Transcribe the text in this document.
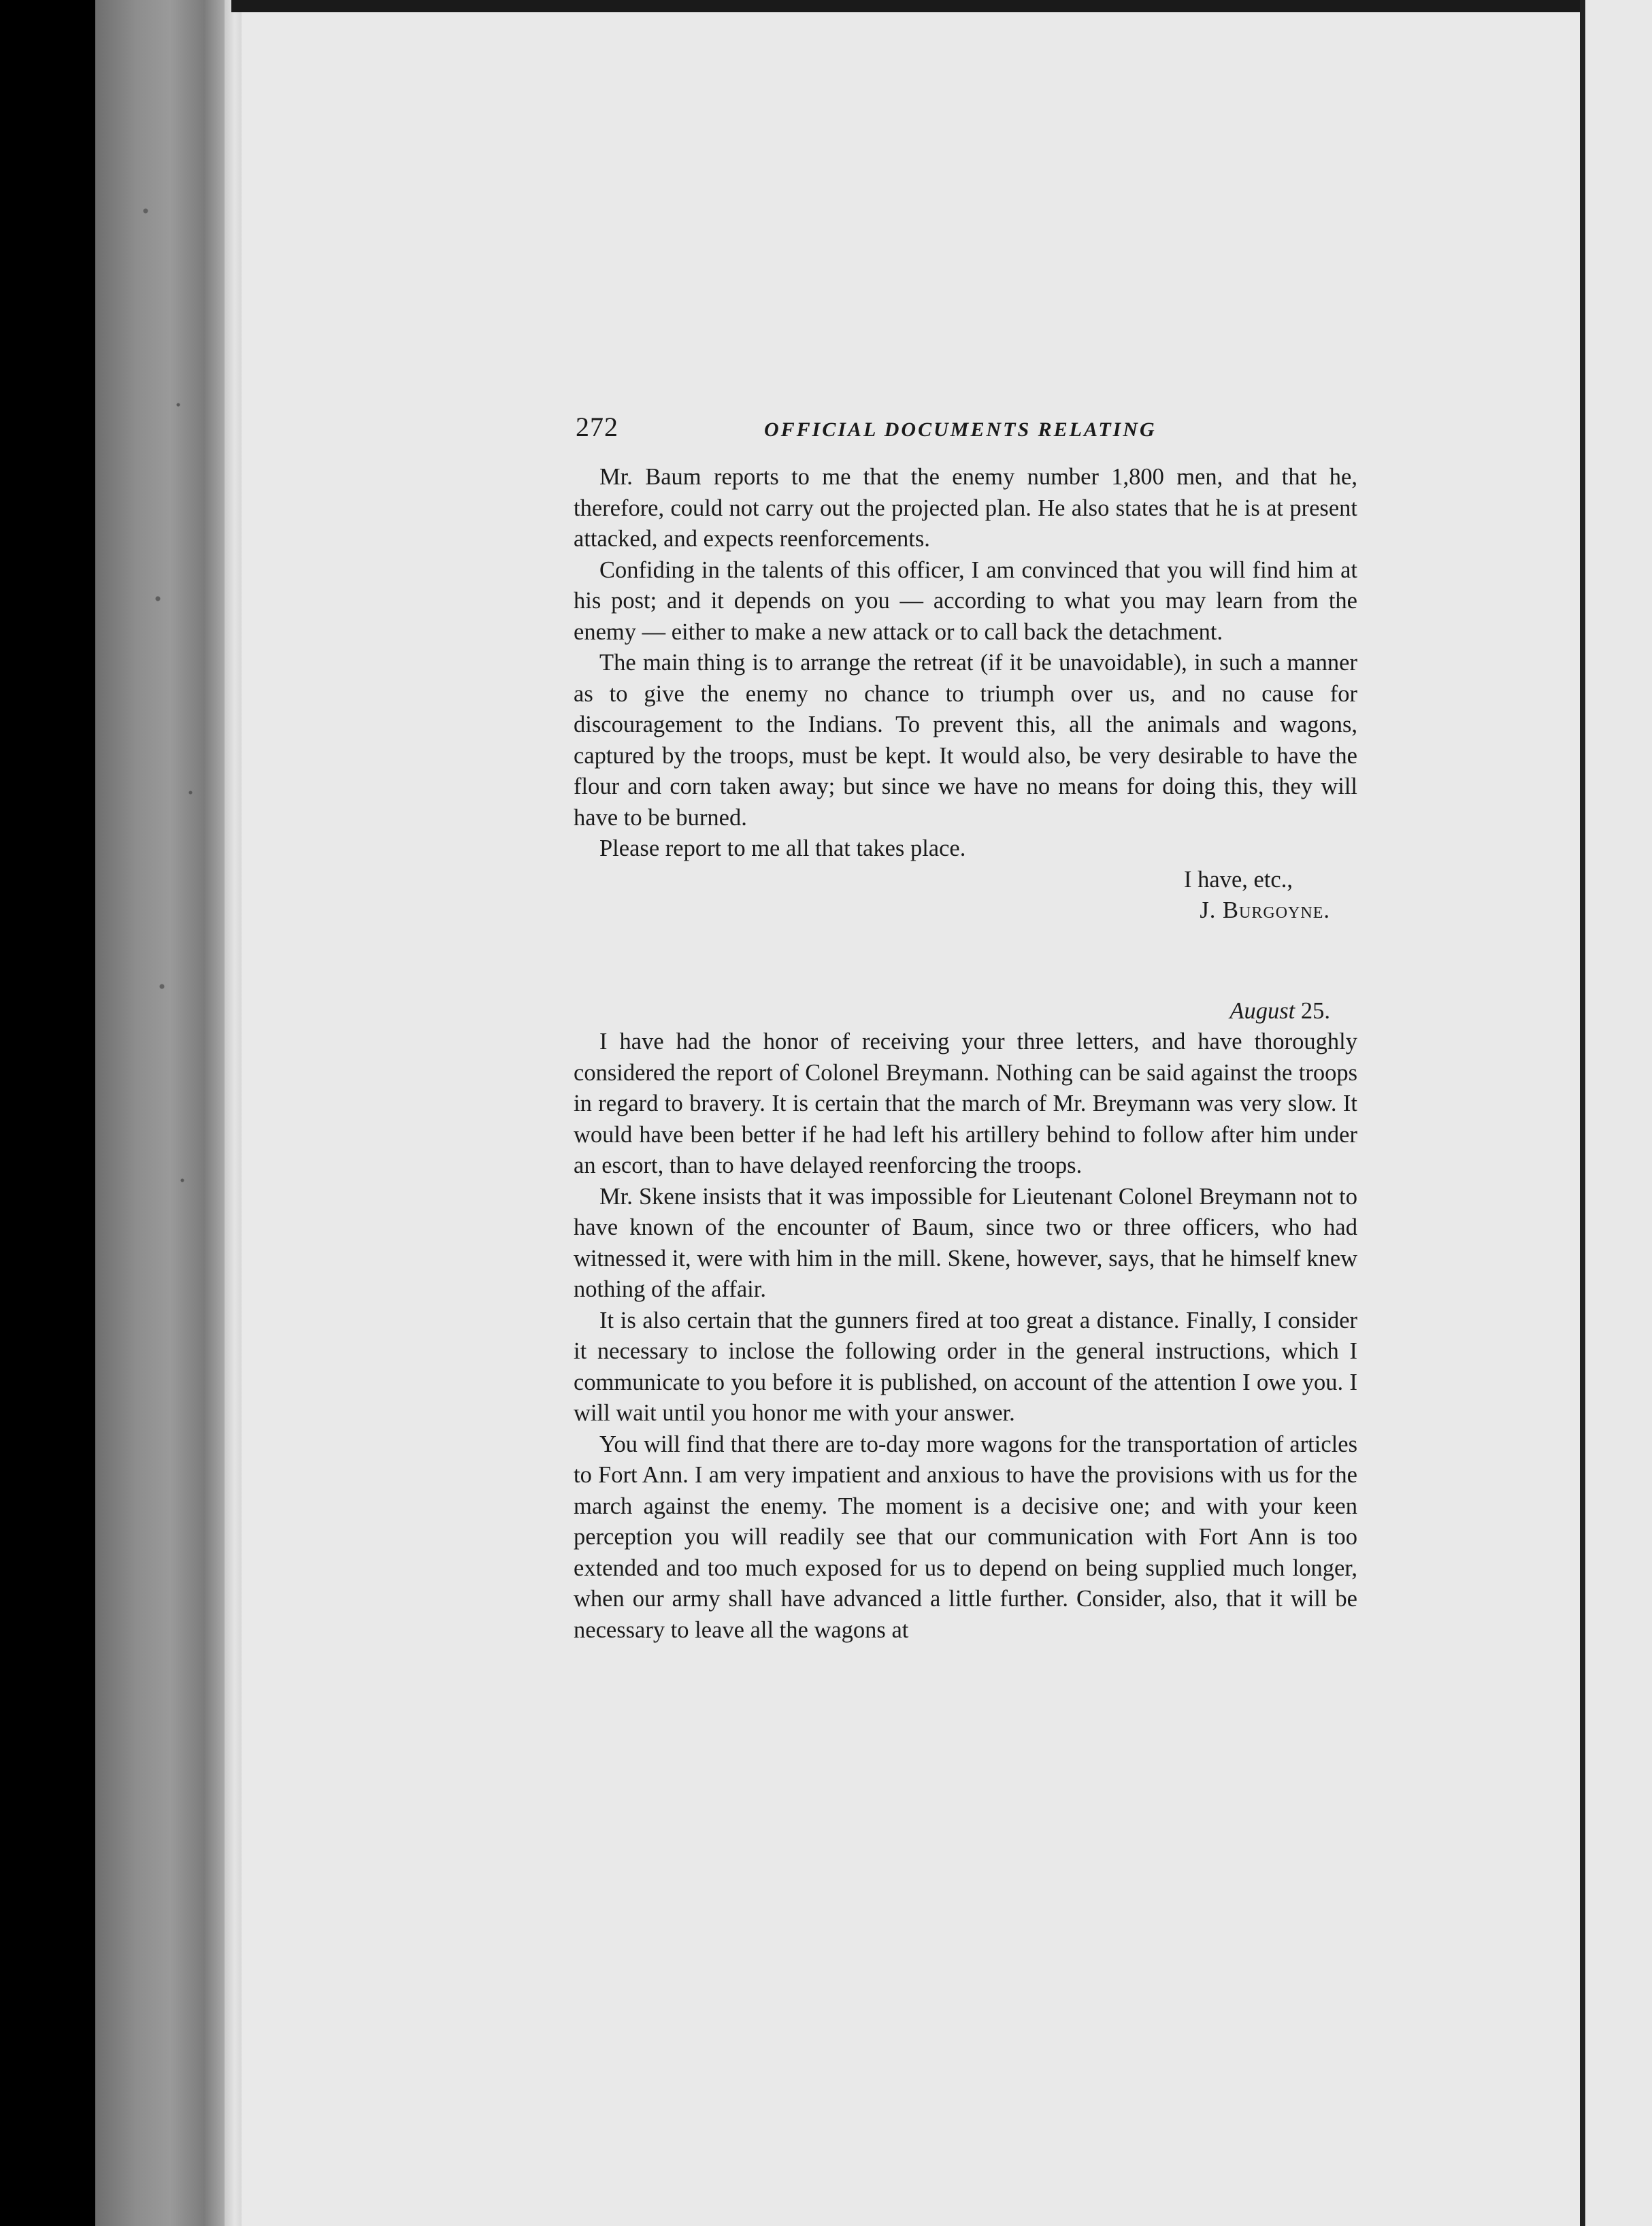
272	OFFICIAL DOCUMENTS RELATING

Mr. Baum reports to me that the enemy number 1,800 men, and that he, therefore, could not carry out the projected plan. He also states that he is at present attacked, and expects reenforcements.

Confiding in the talents of this officer, I am convinced that you will find him at his post; and it depends on you — according to what you may learn from the enemy — either to make a new attack or to call back the detachment.

The main thing is to arrange the retreat (if it be unavoidable), in such a manner as to give the enemy no chance to triumph over us, and no cause for discouragement to the Indians. To prevent this, all the animals and wagons, captured by the troops, must be kept. It would also, be very desirable to have the flour and corn taken away; but since we have no means for doing this, they will have to be burned.

Please report to me all that takes place.

I have, etc.,
J. Burgoyne.
August 25.

I have had the honor of receiving your three letters, and have thoroughly considered the report of Colonel Breymann. Nothing can be said against the troops in regard to bravery. It is certain that the march of Mr. Breymann was very slow. It would have been better if he had left his artillery behind to follow after him under an escort, than to have delayed reenforcing the troops.

Mr. Skene insists that it was impossible for Lieutenant Colonel Breymann not to have known of the encounter of Baum, since two or three officers, who had witnessed it, were with him in the mill. Skene, however, says, that he himself knew nothing of the affair.

It is also certain that the gunners fired at too great a distance. Finally, I consider it necessary to inclose the following order in the general instructions, which I communicate to you before it is published, on account of the attention I owe you. I will wait until you honor me with your answer.

You will find that there are to-day more wagons for the transportation of articles to Fort Ann. I am very impatient and anxious to have the provisions with us for the march against the enemy. The moment is a decisive one; and with your keen perception you will readily see that our communication with Fort Ann is too extended and too much exposed for us to depend on being supplied much longer, when our army shall have advanced a little further. Consider, also, that it will be necessary to leave all the wagons at
